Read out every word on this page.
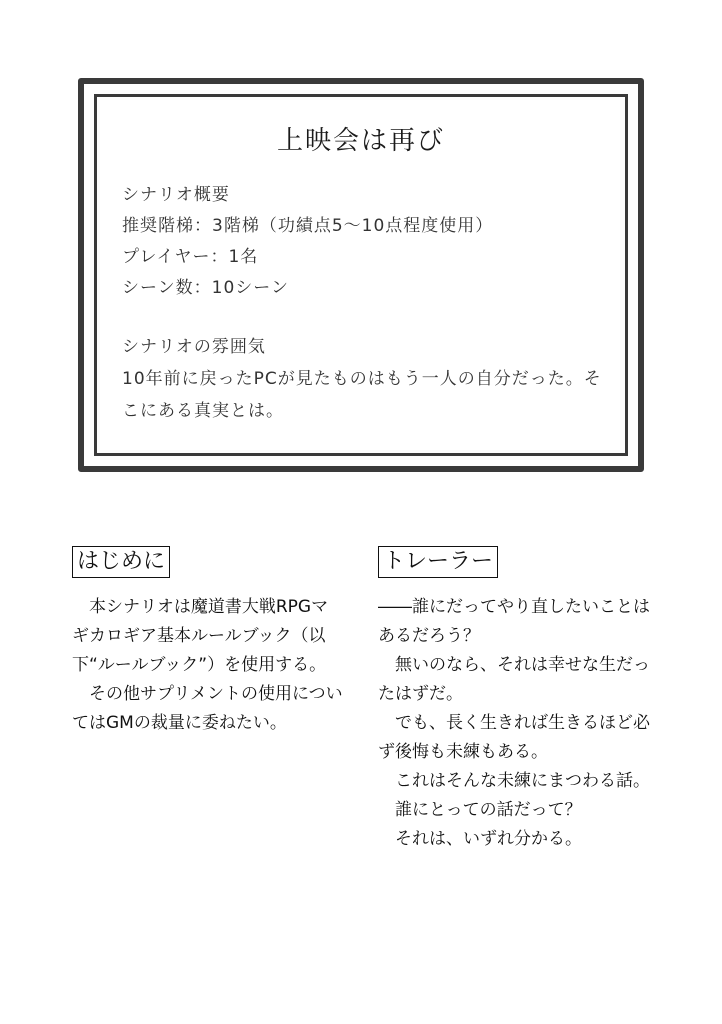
上映会は再び
シナリオ概要
推奨階梯：3階梯（功績点5〜10点程度使用）
プレイヤー：1名
シーン数：10シーン
シナリオの雰囲気
10年前に戻ったPCが見たものはもう一人の自分だった。そこにある真実とは。
はじめに	トレーラー

本シナリオは魔道書大戦RPGマギカロギア基本ルールブック（以下“ルールブック”）を使用する。

その他サプリメントの使用についてはGMの裁量に委ねたい。

――誰にだってやり直したいことはあるだろう？

無いのなら、それは幸せな生だったはずだ。

でも、長く生きれば生きるほど必ず後悔も未練もある。

これはそんな未練にまつわる話。

誰にとっての話だって？

それは、いずれ分かる。
